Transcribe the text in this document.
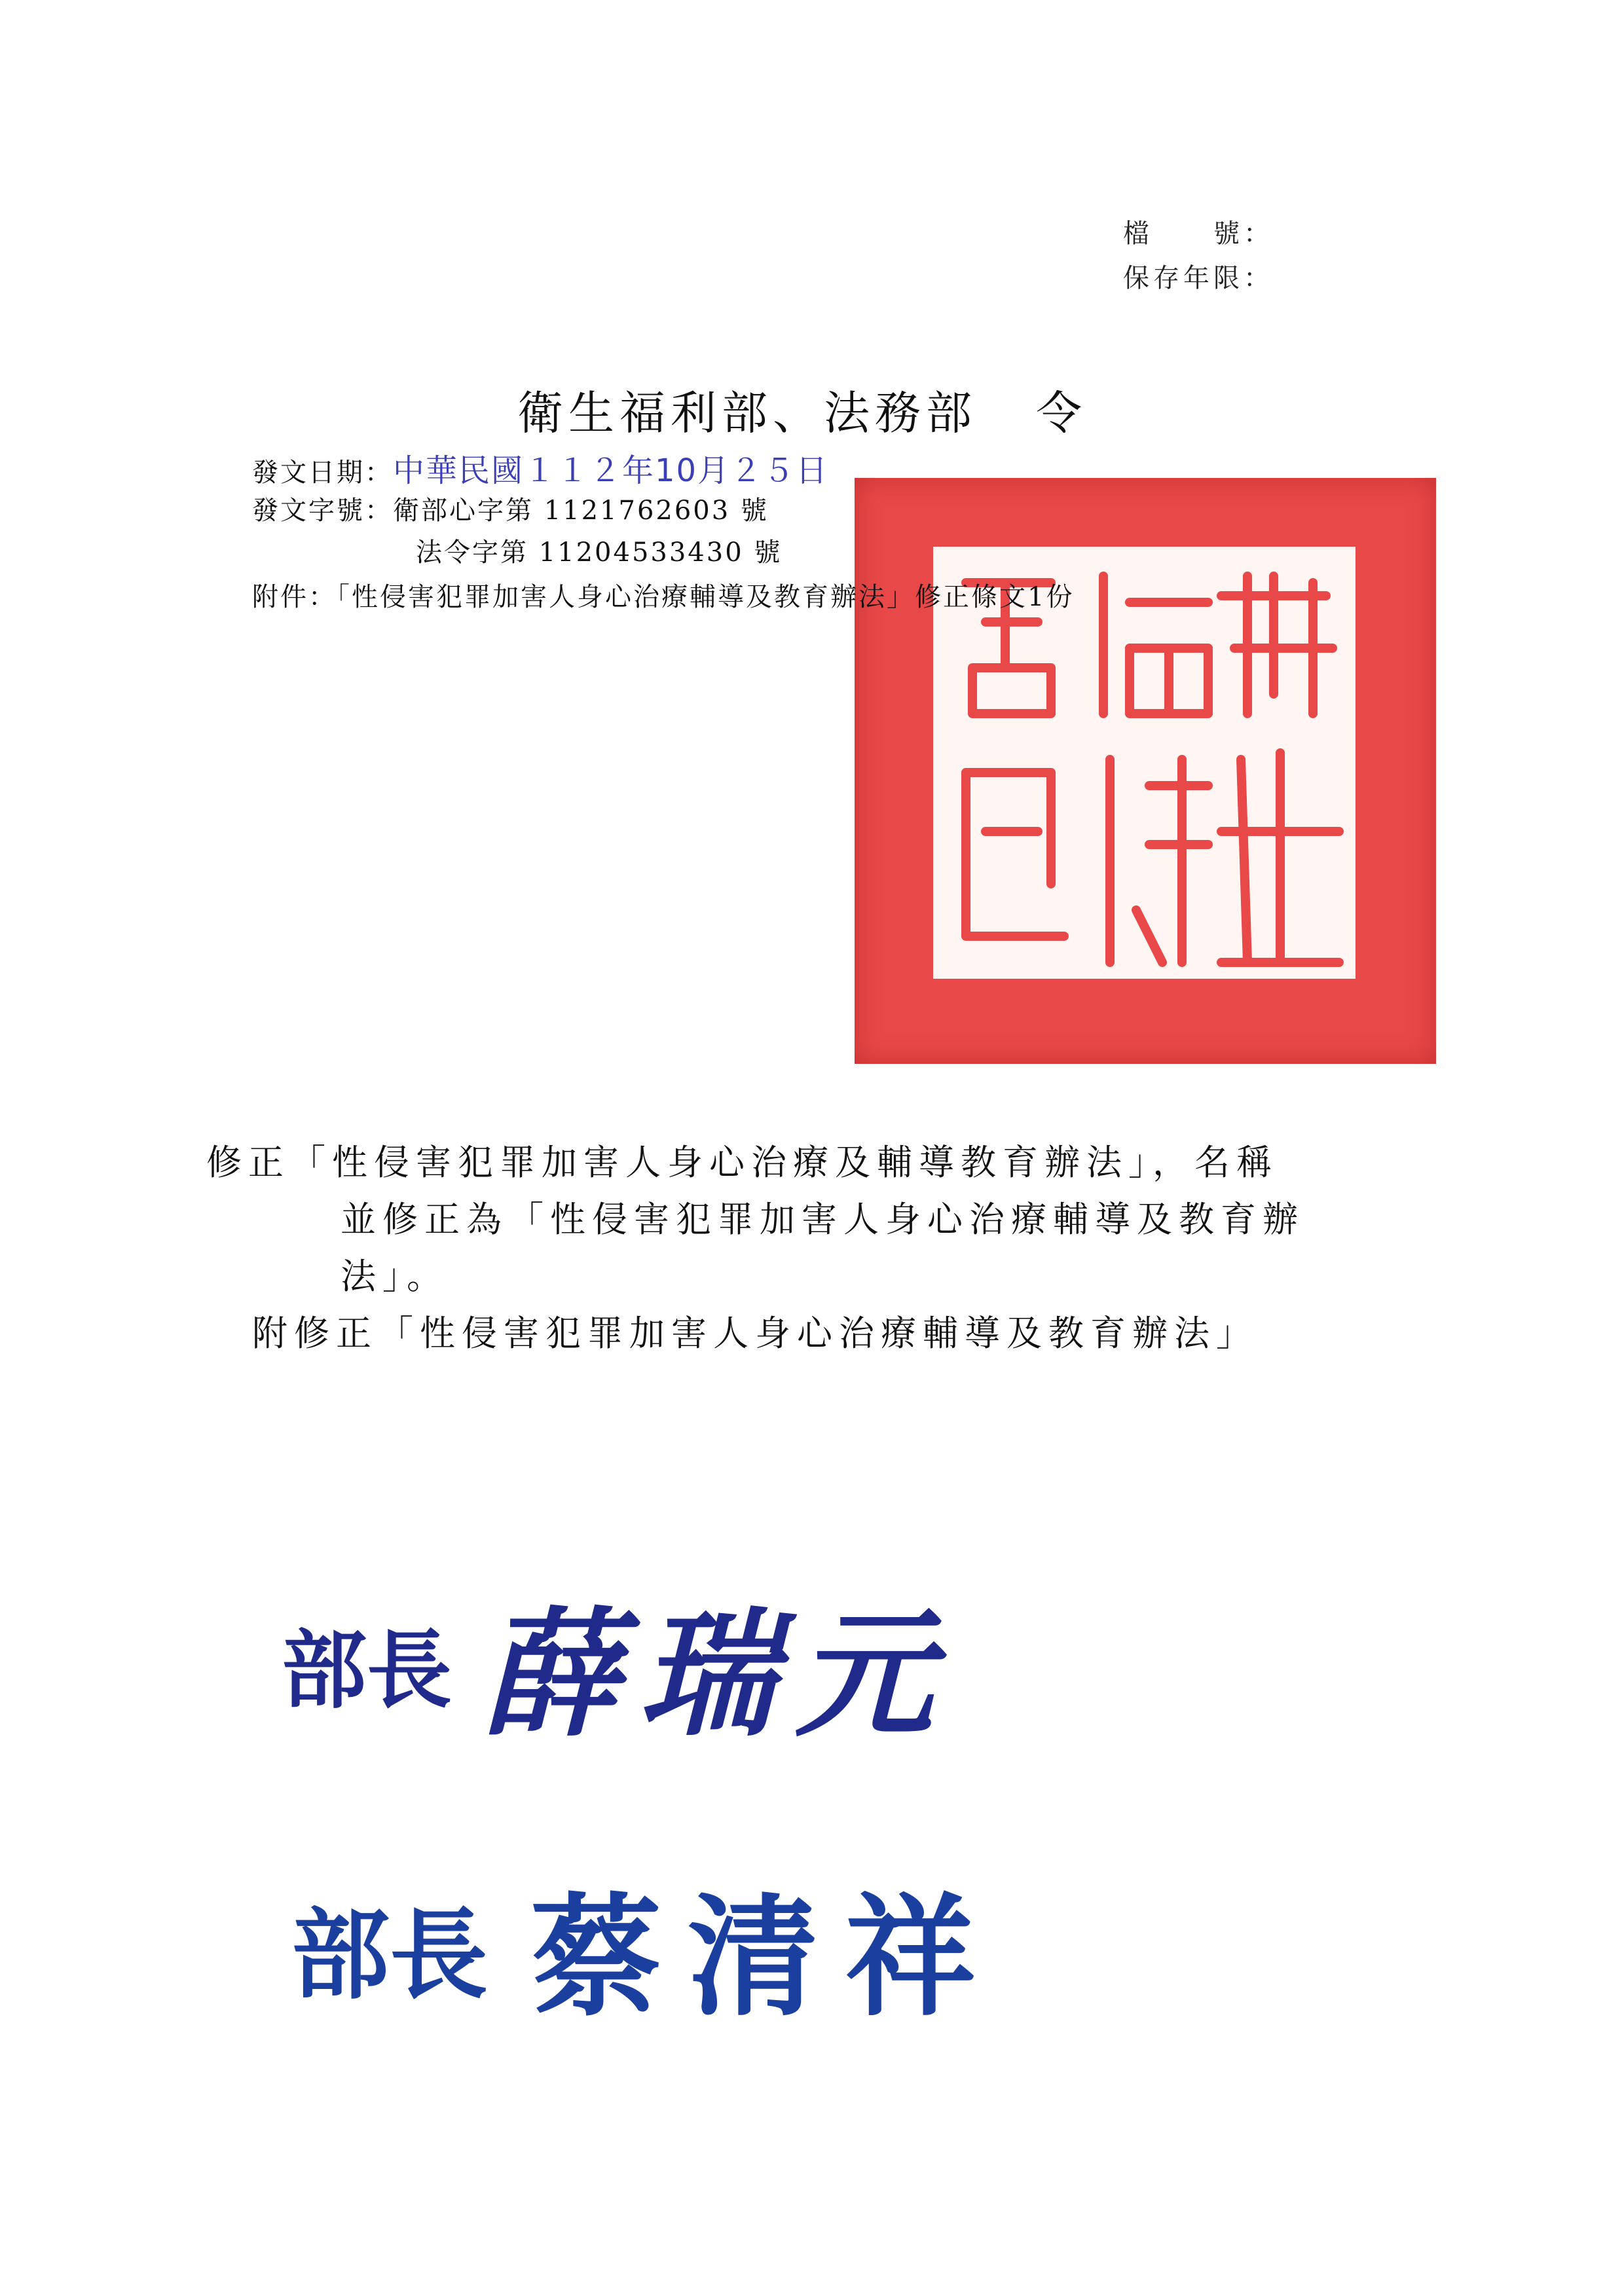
檔　　號：
保存年限：
衛生福利部、法務部 令
發文日期：中華民國１１２年10月２５日
發文字號：衛部心字第 1121762603 號
法令字第 11204533430 號
附件：「性侵害犯罪加害人身心治療輔導及教育辦法」修正條文1份
修正「性侵害犯罪加害人身心治療及輔導教育辦法」，名稱
並修正為「性侵害犯罪加害人身心治療輔導及教育辦
法」。
附修正「性侵害犯罪加害人身心治療輔導及教育辦法」
部長 薛瑞元
部長 蔡清祥
